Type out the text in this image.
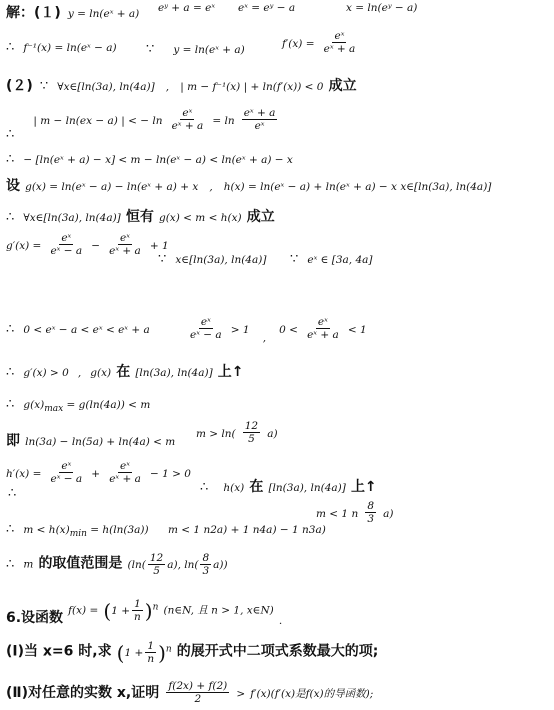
解：(１) y = ln(eˣ + a) eʸ + a = eˣ eˣ = eʸ − a	x = ln(eʸ − a)
∴ f⁻¹(x) = ln(eˣ − a) ∵ y = ln(eˣ + a)	$f'(x) = \frac{\text{eˣ}}{\text{eˣ + a}}$
(２) ∵ ∀x∈[ln(3a), ln(4a)] , | m − f⁻¹(x) | + ln(f′(x)) < 0 成立
$_\therefore$ | m − ln(ex − a) | < − $\ln \frac{\text{eˣ}}{\text{eˣ + a}} = \ln \frac{\text{eˣ + a}}{\text{eˣ}}$
∴ − [ln(eˣ + a) − x] < m − ln(eˣ − a) < ln(eˣ + a) − x
设 g(x) = ln(eˣ − a) − ln(eˣ + a) + x , h(x) = ln(eˣ − a) + ln(eˣ + a) − x x∈[ln(3a), ln(4a)]
∴ ∀x∈[ln(3a), ln(4a)] 恒有 g(x) < m < h(x) 成立
$g'(x) = \frac{\text{eˣ}}{\text{eˣ − a}} - \frac{\text{eˣ}}{\text{eˣ + a}} + 1$
∵ x∈[ln(3a), ln(4a)] ∵ eˣ ∈ [3a, 4a]
∴ 0 < eˣ − a < eˣ < eˣ + a	$\frac{\text{eˣ}}{\text{eˣ − a}} > 1$ $_,$ $0 < \frac{\text{eˣ}}{\text{eˣ + a}} < 1$
∴ g′(x) > 0 , g(x) 在 [ln(3a), ln(4a)] 上↑
∴ $g(x)_{max} = g(\ln(4a)) < m$
即 ln(3a) − ln(5a) + ln(4a) < m
$m > \ln( \frac{12}{5} a)$
$h'(x) = \frac{\text{eˣ}}{\text{eˣ − a}} + \frac{\text{eˣ}}{\text{eˣ + a}} - 1 > 0$
∴	∴ h(x) 在 [ln(3a), ln(4a)] 上↑
∴ $m < h(x)_{min} = h(\ln(3a)) m < 1$ n2a) + 1 n4a) − 1 n3a)
m < 1 n $\frac{8}{3} a$)
∴ m 的取值范围是 ($\ln( \frac{12}{5} a)$, $\ln( \frac{8}{3} a)$)
6.设函数 $f(x) = (1 + \frac{1}{n} )^n$ (n∈N, 且 n > 1, x∈N) $_.$
(Ⅰ)当 x=6 时,求 $(1 + \frac{1}{n} )^n$ 的展开式中二项式系数最大的项;
(Ⅱ)对任意的实数 x,证明 $\frac{f(2x) + f(2)}{2} > f'(x)(f'(x)$是f(x)的导函数);
